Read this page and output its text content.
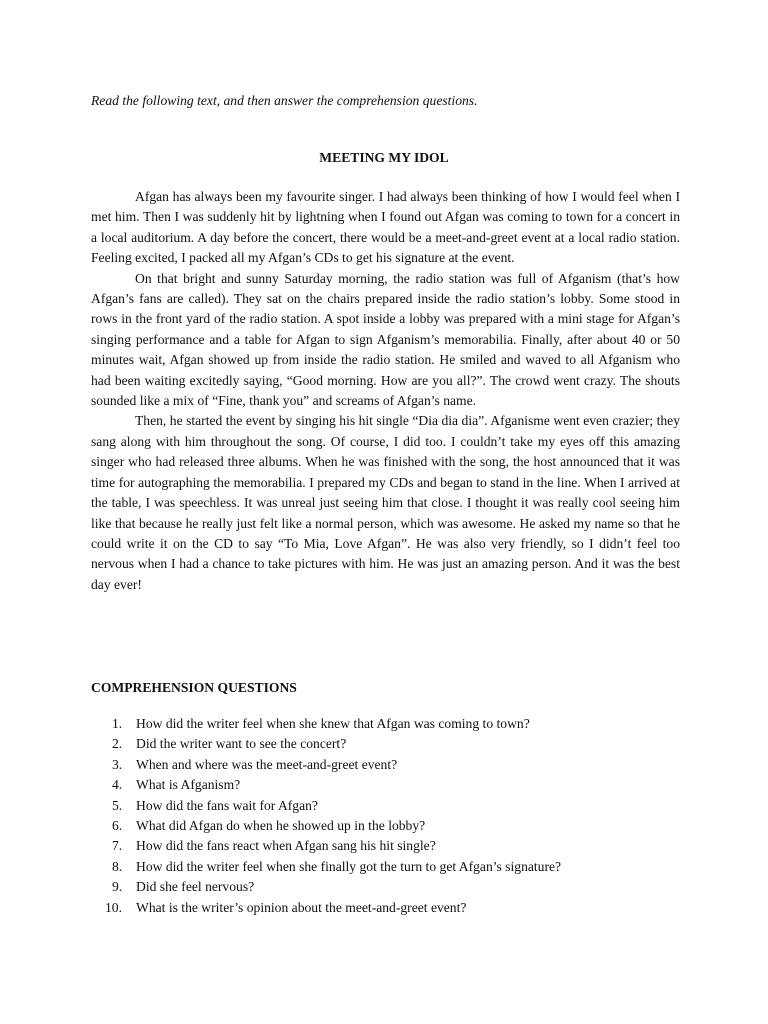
Read the following text, and then answer the comprehension questions.
MEETING MY IDOL

Afgan has always been my favourite singer. I had always been thinking of how I would feel when I met him. Then I was suddenly hit by lightning when I found out Afgan was coming to town for a concert in a local auditorium. A day before the concert, there would be a meet-and-greet event at a local radio station. Feeling excited, I packed all my Afgan’s CDs to get his signature at the event.

On that bright and sunny Saturday morning, the radio station was full of Afganism (that’s how Afgan’s fans are called). They sat on the chairs prepared inside the radio station’s lobby. Some stood in rows in the front yard of the radio station. A spot inside a lobby was prepared with a mini stage for Afgan’s singing performance and a table for Afgan to sign Afganism’s memorabilia. Finally, after about 40 or 50 minutes wait, Afgan showed up from inside the radio station. He smiled and waved to all Afganism who had been waiting excitedly saying, “Good morning. How are you all?”. The crowd went crazy. The shouts sounded like a mix of “Fine, thank you” and screams of Afgan’s name.

Then, he started the event by singing his hit single “Dia dia dia”. Afganisme went even crazier; they sang along with him throughout the song. Of course, I did too. I couldn’t take my eyes off this amazing singer who had released three albums. When he was finished with the song, the host announced that it was time for autographing the memorabilia. I prepared my CDs and began to stand in the line. When I arrived at the table, I was speechless. It was unreal just seeing him that close. I thought it was really cool seeing him like that because he really just felt like a normal person, which was awesome. He asked my name so that he could write it on the CD to say “To Mia, Love Afgan”. He was also very friendly, so I didn’t feel too nervous when I had a chance to take pictures with him. He was just an amazing person. And it was the best day ever!

COMPREHENSION QUESTIONS
1.	How did the writer feel when she knew that Afgan was coming to town?
2.	Did the writer want to see the concert?
3.	When and where was the meet-and-greet event?
4.	What is Afganism?
5.	How did the fans wait for Afgan?
6.	What did Afgan do when he showed up in the lobby?
7.	How did the fans react when Afgan sang his hit single?
8.	How did the writer feel when she finally got the turn to get Afgan’s signature?
9.	Did she feel nervous?
10.	What is the writer’s opinion about the meet-and-greet event?
